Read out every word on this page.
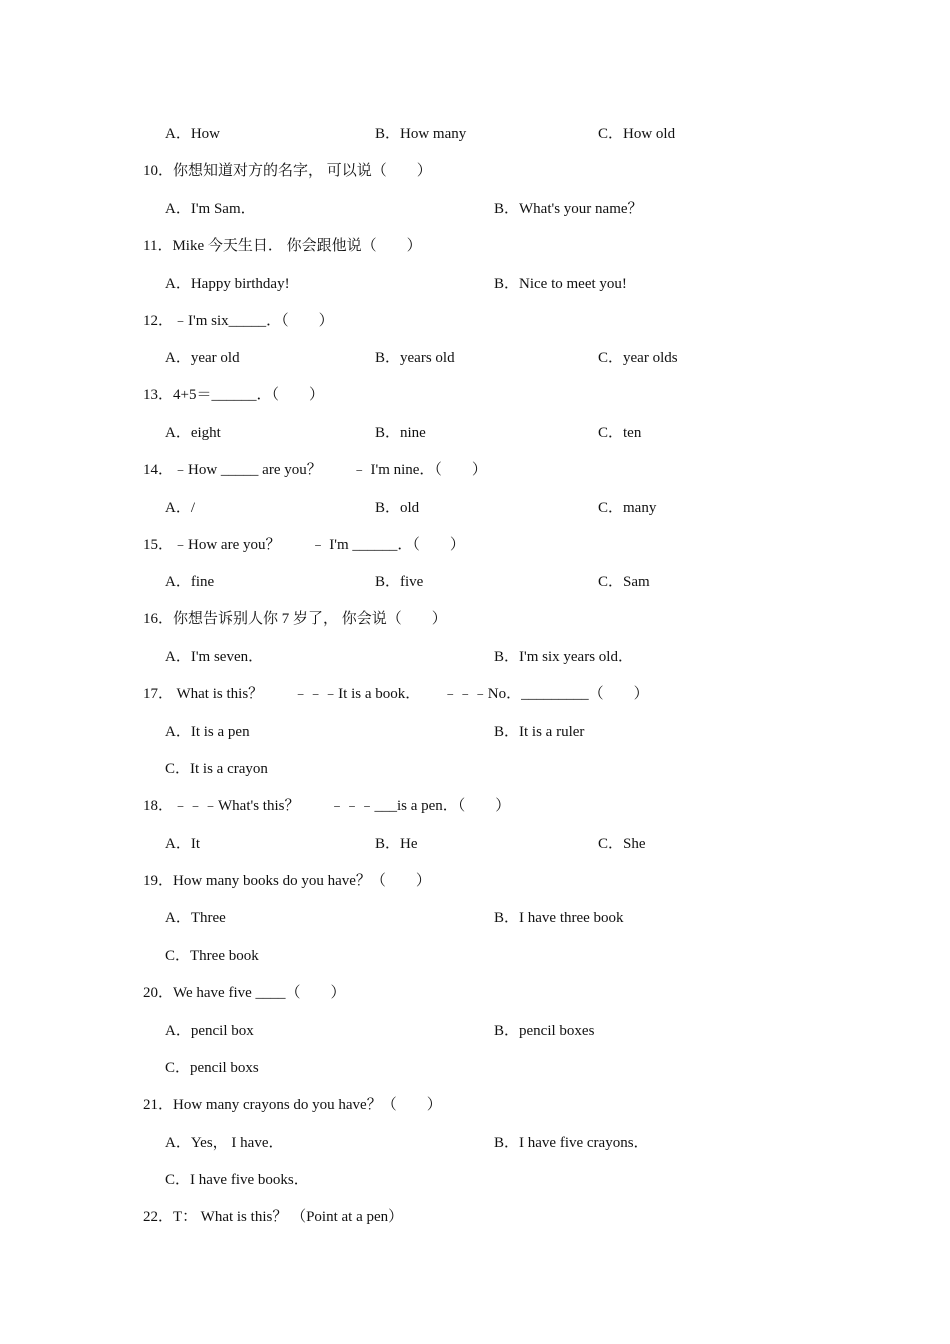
A．How	B．How many	C．How old
10．你想知道对方的名字， 可以说（　　）
A．I'm Sam．	B．What's your name？
11．Mike 今天生日． 你会跟他说（　　）
A．Happy birthday!	B．Nice to meet you!
12．﹣I'm six_____．（　　）
A．year old	B．years old	C．year olds
13．4+5＝______．（　　）
A．eight	B．nine	C．ten
14．﹣How _____ are you？　　﹣ I'm nine．（　　）
A．/	B．old	C．many
15．﹣How are you？　　﹣ I'm ______．（　　）
A．fine	B．five	C．Sam
16．你想告诉别人你 7 岁了， 你会说（　　）
A．I'm seven．	B．I'm six years old．
17． What is this？　　﹣﹣﹣It is a book．　　﹣﹣﹣No．_________（　　）
A．It is a pen	B．It is a ruler
C．It is a crayon
18．﹣﹣﹣What's this？　　﹣﹣﹣___is a pen．（　　）
A．It	B．He	C．She
19．How many books do you have？（　　）
A．Three	B．I have three book
C．Three book
20．We have five ____（　　）
A．pencil box	B．pencil boxes
C．pencil boxs
21．How many crayons do you have？（　　）
A．Yes， I have．	B．I have five crayons．
C．I have five books．
22．T： What is this？ （Point at a pen）
